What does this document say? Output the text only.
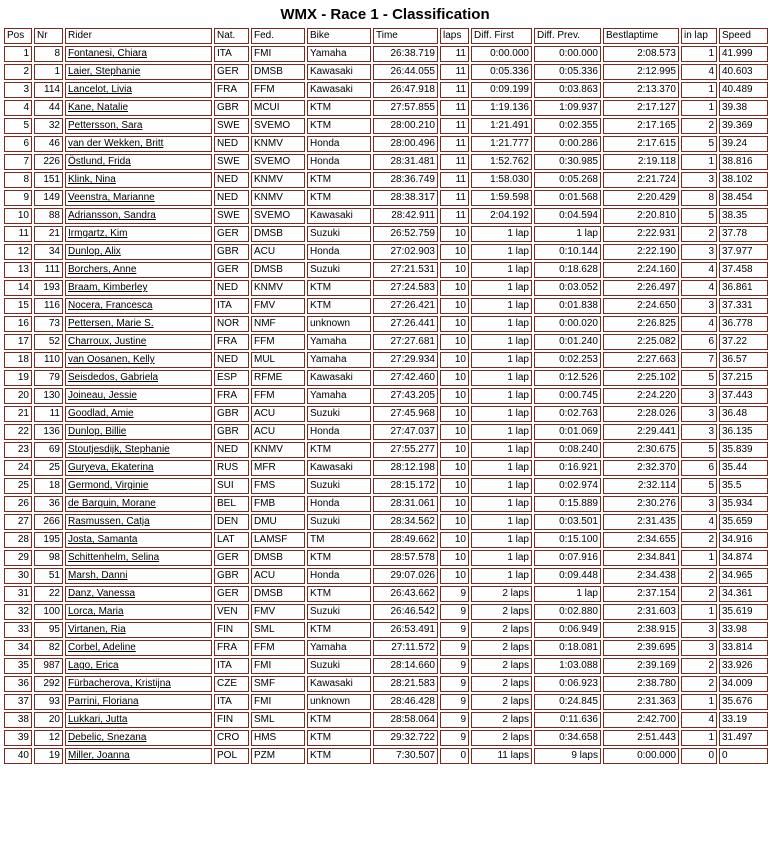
WMX - Race 1 - Classification
Pos	Nr	Rider	Nat.	Fed.	Bike	Time	laps	Diff. First	Diff. Prev.	Bestlaptime	in lap	Speed
1	8	Fontanesi, Chiara	ITA	FMI	Yamaha	26:38.719	11	0:00.000	0:00.000	2:08.573	1	41.999
2	1	Laier, Stephanie	GER	DMSB	Kawasaki	26:44.055	11	0:05.336	0:05.336	2:12.995	4	40.603
3	114	Lancelot, Livia	FRA	FFM	Kawasaki	26:47.918	11	0:09.199	0:03.863	2:13.370	1	40.489
4	44	Kane, Natalie	GBR	MCUI	KTM	27:57.855	11	1:19.136	1:09.937	2:17.127	1	39.38
5	32	Pettersson, Sara	SWE	SVEMO	KTM	28:00.210	11	1:21.491	0:02.355	2:17.165	2	39.369
6	46	van der Wekken, Britt	NED	KNMV	Honda	28:00.496	11	1:21.777	0:00.286	2:17.615	5	39.24
7	226	Östlund, Frida	SWE	SVEMO	Honda	28:31.481	11	1:52.762	0:30.985	2:19.118	1	38.816
8	151	Klink, Nina	NED	KNMV	KTM	28:36.749	11	1:58.030	0:05.268	2:21.724	3	38.102
9	149	Veenstra, Marianne	NED	KNMV	KTM	28:38.317	11	1:59.598	0:01.568	2:20.429	8	38.454
10	88	Adriansson, Sandra	SWE	SVEMO	Kawasaki	28:42.911	11	2:04.192	0:04.594	2:20.810	5	38.35
11	21	Irmgartz, Kim	GER	DMSB	Suzuki	26:52.759	10	1 lap	1 lap	2:22.931	2	37.78
12	34	Dunlop, Alix	GBR	ACU	Honda	27:02.903	10	1 lap	0:10.144	2:22.190	3	37.977
13	111	Borchers, Anne	GER	DMSB	Suzuki	27:21.531	10	1 lap	0:18.628	2:24.160	4	37.458
14	193	Braam, Kimberley	NED	KNMV	KTM	27:24.583	10	1 lap	0:03.052	2:26.497	4	36.861
15	116	Nocera, Francesca	ITA	FMV	KTM	27:26.421	10	1 lap	0:01.838	2:24.650	3	37.331
16	73	Pettersen, Marie S.	NOR	NMF	unknown	27:26.441	10	1 lap	0:00.020	2:26.825	4	36.778
17	52	Charroux, Justine	FRA	FFM	Yamaha	27:27.681	10	1 lap	0:01.240	2:25.082	6	37.22
18	110	van Oosanen, Kelly	NED	MUL	Yamaha	27:29.934	10	1 lap	0:02.253	2:27.663	7	36.57
19	79	Seisdedos, Gabriela	ESP	RFME	Kawasaki	27:42.460	10	1 lap	0:12.526	2:25.102	5	37.215
20	130	Joineau, Jessie	FRA	FFM	Yamaha	27:43.205	10	1 lap	0:00.745	2:24.220	3	37.443
21	11	Goodlad, Amie	GBR	ACU	Suzuki	27:45.968	10	1 lap	0:02.763	2:28.026	3	36.48
22	136	Dunlop, Billie	GBR	ACU	Honda	27:47.037	10	1 lap	0:01.069	2:29.441	3	36.135
23	69	Stoutjesdijk, Stephanie	NED	KNMV	KTM	27:55.277	10	1 lap	0:08.240	2:30.675	5	35.839
24	25	Guryeva, Ekaterina	RUS	MFR	Kawasaki	28:12.198	10	1 lap	0:16.921	2:32.370	6	35.44
25	18	Germond, Virginie	SUI	FMS	Suzuki	28:15.172	10	1 lap	0:02.974	2:32.114	5	35.5
26	36	de Barquin, Morane	BEL	FMB	Honda	28:31.061	10	1 lap	0:15.889	2:30.276	3	35.934
27	266	Rasmussen, Catja	DEN	DMU	Suzuki	28:34.562	10	1 lap	0:03.501	2:31.435	4	35.659
28	195	Josta, Samanta	LAT	LAMSF	TM	28:49.662	10	1 lap	0:15.100	2:34.655	2	34.916
29	98	Schittenhelm, Selina	GER	DMSB	KTM	28:57.578	10	1 lap	0:07.916	2:34.841	1	34.874
30	51	Marsh, Danni	GBR	ACU	Honda	29:07.026	10	1 lap	0:09.448	2:34.438	2	34.965
31	22	Danz, Vanessa	GER	DMSB	KTM	26:43.662	9	2 laps	1 lap	2:37.154	2	34.361
32	100	Lorca, Maria	VEN	FMV	Suzuki	26:46.542	9	2 laps	0:02.880	2:31.603	1	35.619
33	95	Virtanen, Ria	FIN	SML	KTM	26:53.491	9	2 laps	0:06.949	2:38.915	3	33.98
34	82	Corbel, Adeline	FRA	FFM	Yamaha	27:11.572	9	2 laps	0:18.081	2:39.695	3	33.814
35	987	Lago, Erica	ITA	FMI	Suzuki	28:14.660	9	2 laps	1:03.088	2:39.169	2	33.926
36	292	Fürbacherova, Kristijna	CZE	SMF	Kawasaki	28:21.583	9	2 laps	0:06.923	2:38.780	2	34.009
37	93	Parrini, Floriana	ITA	FMI	unknown	28:46.428	9	2 laps	0:24.845	2:31.363	1	35.676
38	20	Lukkari, Jutta	FIN	SML	KTM	28:58.064	9	2 laps	0:11.636	2:42.700	4	33.19
39	12	Debelic, Snezana	CRO	HMS	KTM	29:32.722	9	2 laps	0:34.658	2:51.443	1	31.497
40	19	Miller, Joanna	POL	PZM	KTM	7:30.507	0	11 laps	9 laps	0:00.000	0	0
